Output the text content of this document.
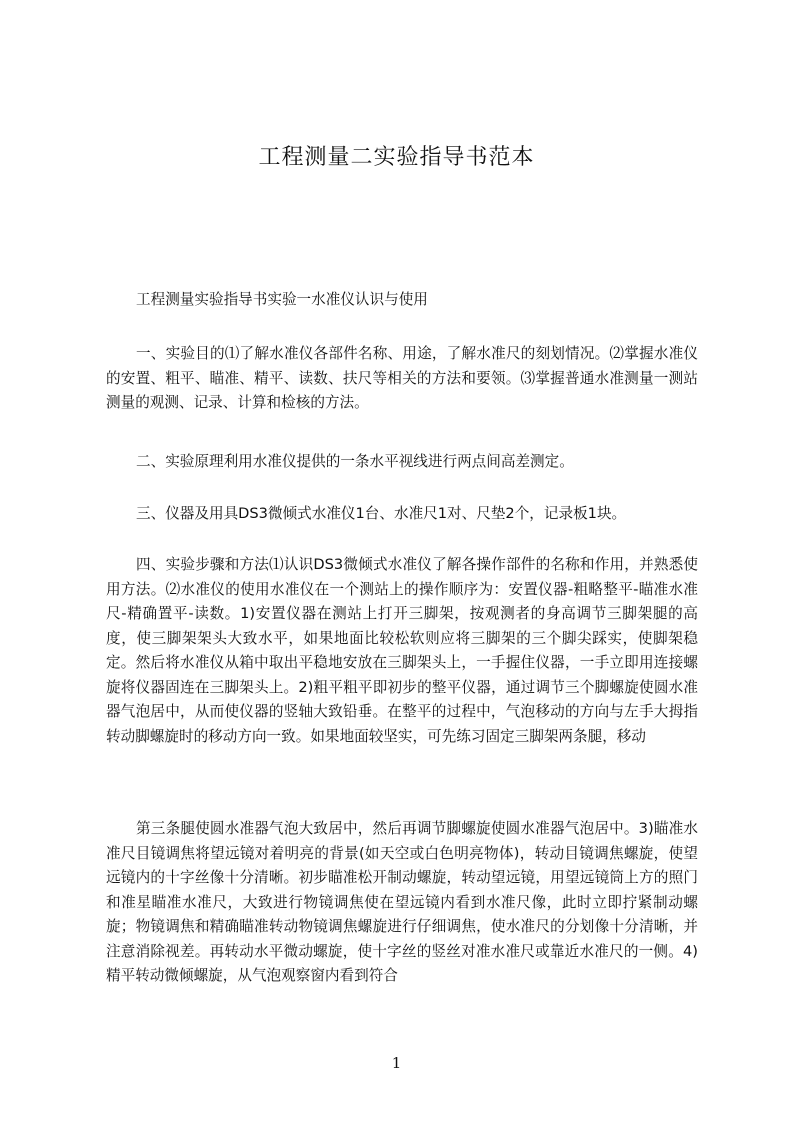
工程测量二实验指导书范本

工程测量实验指导书实验一水准仪认识与使用

一、实验目的⑴了解水准仪各部件名称、用途，了解水准尺的刻划情况。⑵掌握水准仪的安置、粗平、瞄准、精平、读数、扶尺等相关的方法和要领。⑶掌握普通水准测量一测站测量的观测、记录、计算和检核的方法。

二、实验原理利用水准仪提供的一条水平视线进行两点间高差测定。

三、仪器及用具DS3微倾式水准仪1台、水准尺1对、尺垫2个，记录板1块。

四、实验步骤和方法⑴认识DS3微倾式水准仪了解各操作部件的名称和作用，并熟悉使用方法。⑵水准仪的使用水准仪在一个测站上的操作顺序为：安置仪器-粗略整平-瞄准水准尺-精确置平-读数。1)安置仪器在测站上打开三脚架，按观测者的身高调节三脚架腿的高度，使三脚架架头大致水平，如果地面比较松软则应将三脚架的三个脚尖踩实，使脚架稳定。然后将水准仪从箱中取出平稳地安放在三脚架头上，一手握住仪器，一手立即用连接螺旋将仪器固连在三脚架头上。2)粗平粗平即初步的整平仪器，通过调节三个脚螺旋使圆水准器气泡居中，从而使仪器的竖轴大致铅垂。在整平的过程中，气泡移动的方向与左手大拇指转动脚螺旋时的移动方向一致。如果地面较坚实，可先练习固定三脚架两条腿，移动

第三条腿使圆水准器气泡大致居中，然后再调节脚螺旋使圆水准器气泡居中。3)瞄准水准尺目镜调焦将望远镜对着明亮的背景(如天空或白色明亮物体)，转动目镜调焦螺旋，使望远镜内的十字丝像十分清晰。初步瞄准松开制动螺旋，转动望远镜，用望远镜筒上方的照门和准星瞄准水准尺，大致进行物镜调焦使在望远镜内看到水准尺像，此时立即拧紧制动螺旋；物镜调焦和精确瞄准转动物镜调焦螺旋进行仔细调焦，使水准尺的分划像十分清晰，并注意消除视差。再转动水平微动螺旋，使十字丝的竖丝对准水准尺或靠近水准尺的一侧。4)精平转动微倾螺旋，从气泡观察窗内看到符合

1
